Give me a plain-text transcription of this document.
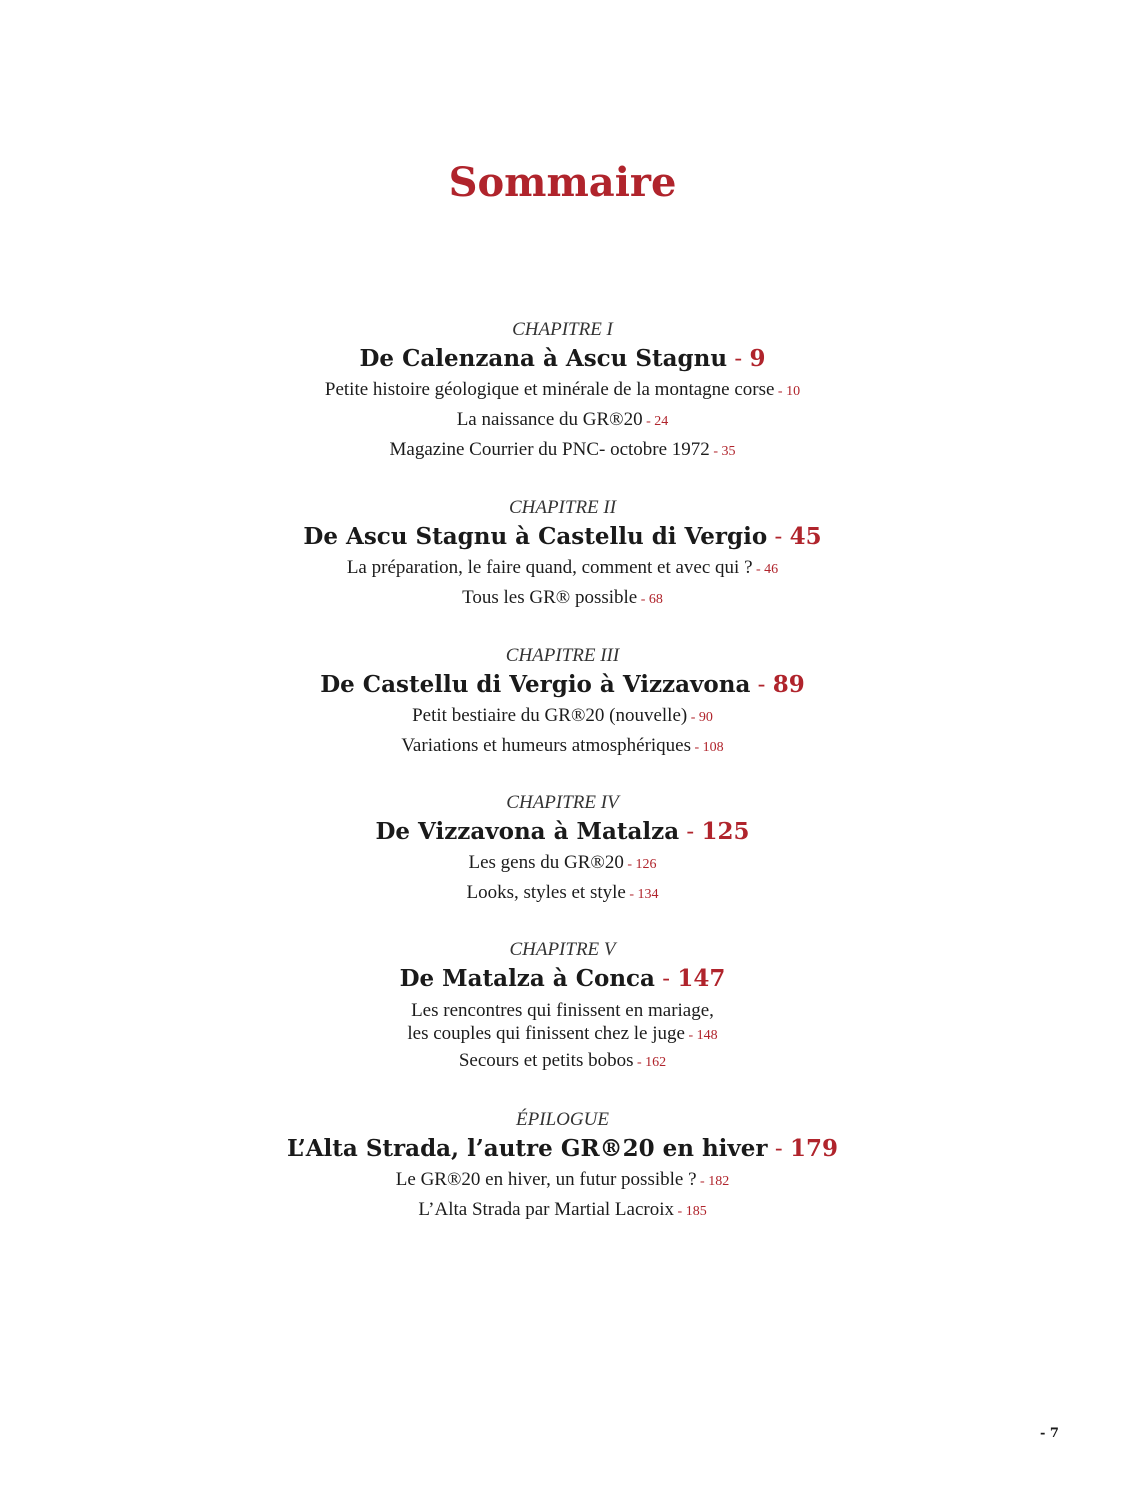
Sommaire
CHAPITRE I
De Calenzana à Ascu Stagnu - 9
Petite histoire géologique et minérale de la montagne corse - 10
La naissance du GR®20 - 24
Magazine Courrier du PNC- octobre 1972 - 35
CHAPITRE II
De Ascu Stagnu à Castellu di Vergio - 45
La préparation, le faire quand, comment et avec qui ? - 46
Tous les GR® possible - 68
CHAPITRE III
De Castellu di Vergio à Vizzavona - 89
Petit bestiaire du GR®20 (nouvelle) - 90
Variations et humeurs atmosphériques - 108
CHAPITRE IV
De Vizzavona à Matalza - 125
Les gens du GR®20 - 126
Looks, styles et style - 134
CHAPITRE V
De Matalza à Conca - 147
Les rencontres qui finissent en mariage,
les couples qui finissent chez le juge - 148
Secours et petits bobos - 162
ÉPILOGUE
L’Alta Strada, l’autre GR®20 en hiver - 179
Le GR®20 en hiver, un futur possible ? - 182
L’Alta Strada par Martial Lacroix - 185
- 7
